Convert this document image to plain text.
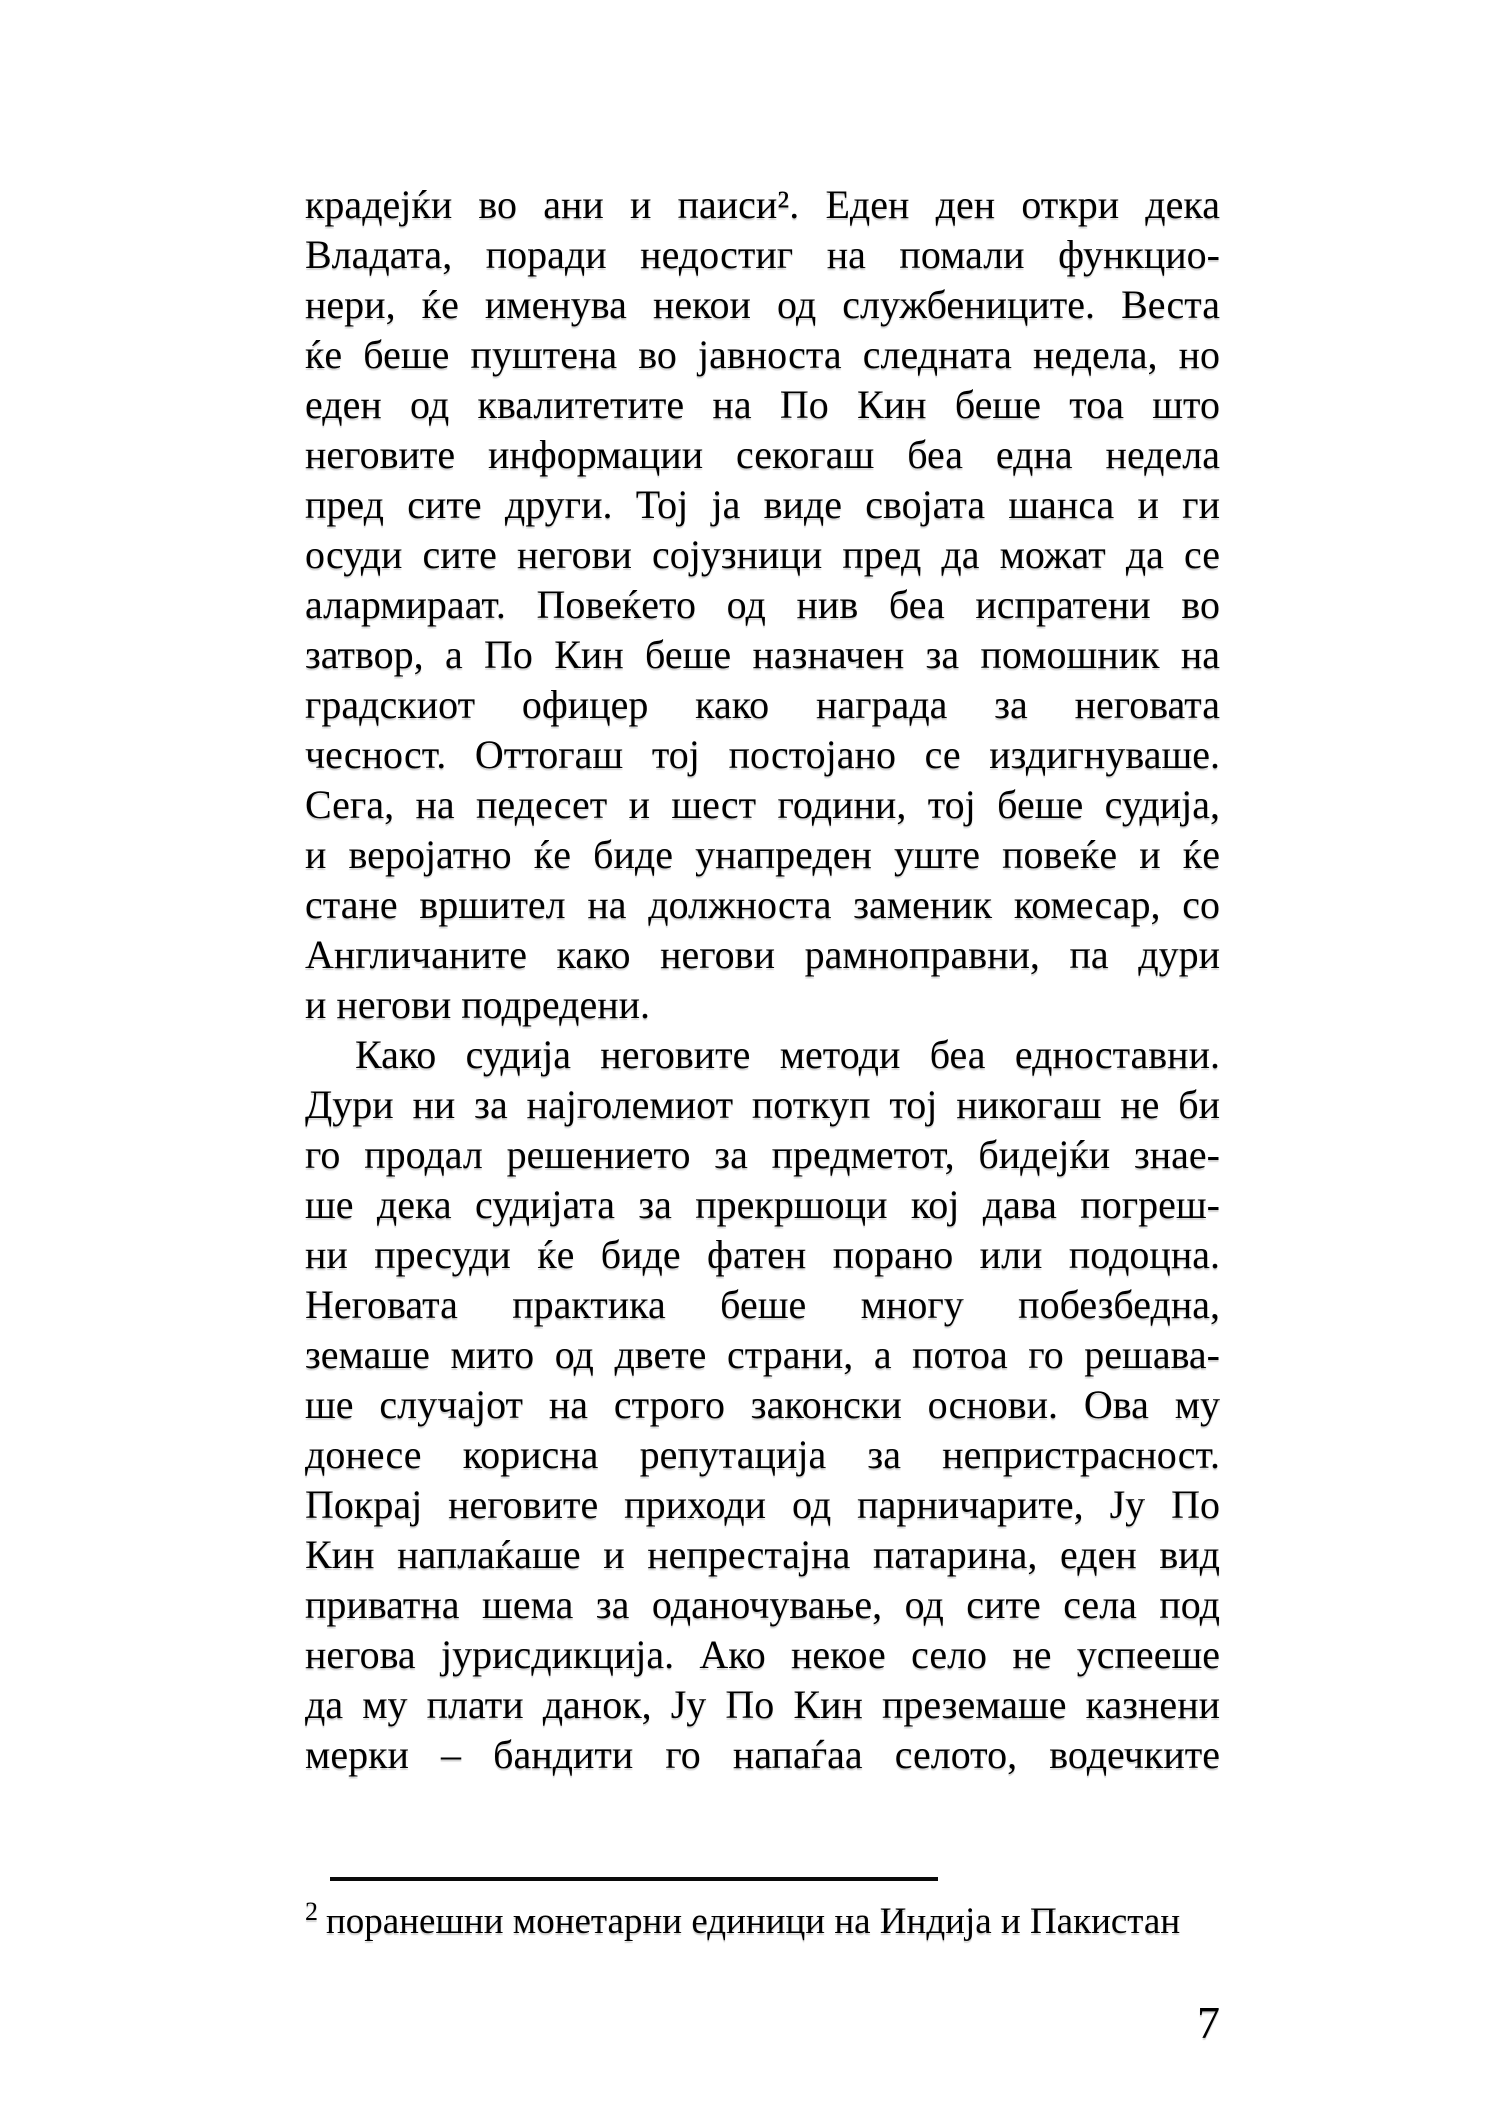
крадејќи во ани и паиси². Еден ден откри дека
Владата, поради недостиг на помали функцио-
нери, ќе именува некои од службениците. Веста
ќе беше пуштена во јавноста следната недела, но
еден од квалитетите на По Кин беше тоа што
неговите информации секогаш беа една недела
пред сите други. Тој ја виде својата шанса и ги
осуди сите негови сојузници пред да можат да се
алармираат. Повеќето од нив беа испратени во
затвор, а По Кин беше назначен за помошник на
градскиот офицер како награда за неговата
чесност. Оттогаш тој постојано се издигнуваше.
Сега, на педесет и шест години, тој беше судија,
и веројатно ќе биде унапреден уште повеќе и ќе
стане вршител на должноста заменик комесар, со
Англичаните како негови рамноправни, па дури
и негови подредени.
Како судија неговите методи беа едноставни.
Дури ни за најголемиот поткуп тој никогаш не би
го продал решението за предметот, бидејќи знае-
ше дека судијата за прекршоци кој дава погреш-
ни пресуди ќе биде фатен порано или подоцна.
Неговата практика беше многу побезбедна,
земаше мито од двете страни, а потоа го решава-
ше случајот на строго законски основи. Ова му
донесе корисна репутација за непристрасност.
Покрај неговите приходи од парничарите, Ју По
Кин наплаќаше и непрестајна патарина, еден вид
приватна шема за оданочување, од сите села под
негова јурисдикција. Ако некое село не успееше
да му плати данок, Ју По Кин преземаше казнени
мерки – бандити го напаѓаа селото, водечките
$^2$ поранешни монетарни единици на Индија и Пакистан
7
